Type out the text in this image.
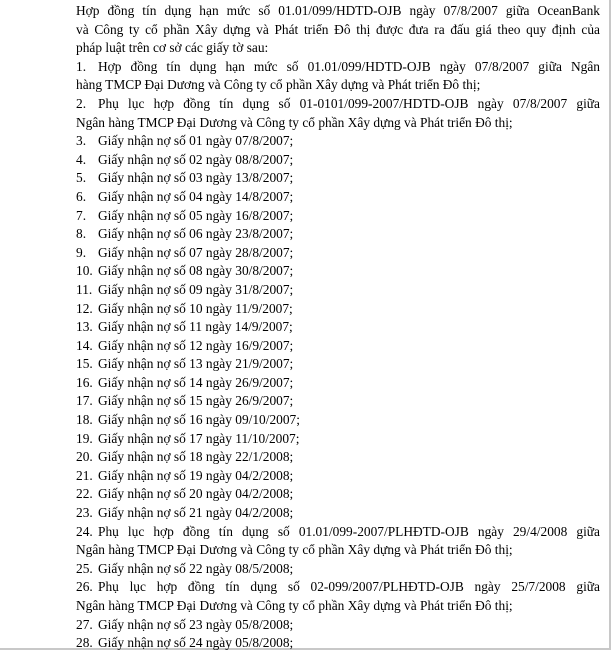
Hợp đồng tín dụng hạn mức số 01.01/099/HDTD-OJB ngày 07/8/2007 giữa OceanBank
và Công ty cổ phần Xây dựng và Phát triển Đô thị được đưa ra đấu giá theo quy định của
pháp luật trên cơ sở các giấy tờ sau:
1. Hợp đồng tín dụng hạn mức số 01.01/099/HDTD-OJB ngày 07/8/2007 giữa Ngân
hàng TMCP Đại Dương và Công ty cổ phần Xây dựng và Phát triển Đô thị;
2. Phụ lục hợp đồng tín dụng số 01-0101/099-2007/HDTD-OJB ngày 07/8/2007 giữa
Ngân hàng TMCP Đại Dương và Công ty cổ phần Xây dựng và Phát triển Đô thị;
3. Giấy nhận nợ số 01 ngày 07/8/2007;
4. Giấy nhận nợ số 02 ngày 08/8/2007;
5. Giấy nhận nợ số 03 ngày 13/8/2007;
6. Giấy nhận nợ số 04 ngày 14/8/2007;
7. Giấy nhận nợ số 05 ngày 16/8/2007;
8. Giấy nhận nợ số 06 ngày 23/8/2007;
9. Giấy nhận nợ số 07 ngày 28/8/2007;
10. Giấy nhận nợ số 08 ngày 30/8/2007;
11. Giấy nhận nợ số 09 ngày 31/8/2007;
12. Giấy nhận nợ số 10 ngày 11/9/2007;
13. Giấy nhận nợ số 11 ngày 14/9/2007;
14. Giấy nhận nợ số 12 ngày 16/9/2007;
15. Giấy nhận nợ số 13 ngày 21/9/2007;
16. Giấy nhận nợ số 14 ngày 26/9/2007;
17. Giấy nhận nợ số 15 ngày 26/9/2007;
18. Giấy nhận nợ số 16 ngày 09/10/2007;
19. Giấy nhận nợ số 17 ngày 11/10/2007;
20. Giấy nhận nợ số 18 ngày 22/1/2008;
21. Giấy nhận nợ số 19 ngày 04/2/2008;
22. Giấy nhận nợ số 20 ngày 04/2/2008;
23. Giấy nhận nợ số 21 ngày 04/2/2008;
24. Phụ lục hợp đồng tín dụng số 01.01/099-2007/PLHĐTD-OJB ngày 29/4/2008 giữa
Ngân hàng TMCP Đại Dương và Công ty cổ phần Xây dựng và Phát triển Đô thị;
25. Giấy nhận nợ số 22 ngày 08/5/2008;
26. Phụ lục hợp đồng tín dụng số 02-099/2007/PLHĐTD-OJB ngày 25/7/2008 giữa
Ngân hàng TMCP Đại Dương và Công ty cổ phần Xây dựng và Phát triển Đô thị;
27. Giấy nhận nợ số 23 ngày 05/8/2008;
28. Giấy nhận nợ số 24 ngày 05/8/2008;
